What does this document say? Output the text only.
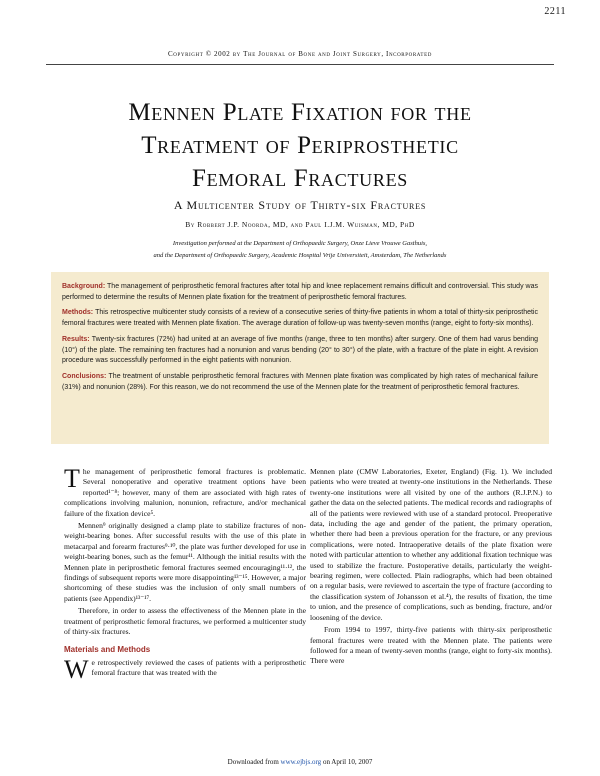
2211
Copyright © 2002 by The Journal of Bone and Joint Surgery, Incorporated
Mennen Plate Fixation for the
Treatment of Periprosthetic
Femoral Fractures
A Multicenter Study of Thirty-six Fractures
By Robbert J.P. Noorda, MD, and Paul I.J.M. Wuisman, MD, PhD
Investigation performed at the Department of Orthopaedic Surgery, Onze Lieve Vrouwe Gasthuis,
and the Department of Orthopaedic Surgery, Academic Hospital Vrije Universiteit, Amsterdam, The Netherlands

Background: The management of periprosthetic femoral fractures after total hip and knee replacement remains difficult and controversial. This study was performed to determine the results of Mennen plate fixation for the treatment of periprosthetic femoral fractures.

Methods: This retrospective multicenter study consists of a review of a consecutive series of thirty-five patients in whom a total of thirty-six periprosthetic femoral fractures were treated with Mennen plate fixation. The average duration of follow-up was twenty-seven months (range, eight to forty-six months).

Results: Twenty-six fractures (72%) had united at an average of five months (range, three to ten months) after surgery. One of them had varus bending (10°) of the plate. The remaining ten fractures had a nonunion and varus bending (20° to 30°) of the plate, with a fracture of the plate in eight. A revision procedure was successfully performed in the eight patients with nonunion.

Conclusions: The treatment of unstable periprosthetic femoral fractures with Mennen plate fixation was complicated by high rates of mechanical failure (31%) and nonunion (28%). For this reason, we do not recommend the use of the Mennen plate for the treatment of periprosthetic femoral fractures.

The management of periprosthetic femoral fractures is problematic. Several nonoperative and operative treatment options have been reported¹⁻⁸; however, many of them are associated with high rates of complications involving malunion, nonunion, refracture, and/or mechanical failure of the fixation device⁵.

Mennen⁹ originally designed a clamp plate to stabilize fractures of non-weight-bearing bones. After successful results with the use of this plate in metacarpal and forearm fractures⁹·¹⁰, the plate was further developed for use in weight-bearing bones, such as the femur¹¹. Although the initial results with the Mennen plate in periprosthetic femoral fractures seemed encouraging¹¹·¹², the findings of subsequent reports were more disappointing¹³⁻¹⁵. However, a major shortcoming of these studies was the inclusion of only small numbers of patients (see Appendix)¹³⁻¹⁷.

Therefore, in order to assess the effectiveness of the Mennen plate in the treatment of periprosthetic femoral fractures, we performed a multicenter study of thirty-six fractures.

Materials and Methods

We retrospectively reviewed the cases of patients with a periprosthetic femoral fracture that was treated with the

Mennen plate (CMW Laboratories, Exeter, England) (Fig. 1). We included patients who were treated at twenty-one institutions in the Netherlands. These twenty-one institutions were all visited by one of the authors (R.J.P.N.) to gather the data on the selected patients. The medical records and radiographs of all of the patients were reviewed with use of a standard protocol. Preoperative data, including the age and gender of the patient, the primary operation, whether there had been a previous operation for the fracture, or any previous complications, were noted. Intraoperative details of the plate fixation were noted with particular attention to whether any additional fixation technique was used to stabilize the fracture. Postoperative details, particularly the weight-bearing regimen, were collected. Plain radiographs, which had been obtained on a regular basis, were reviewed to ascertain the type of fracture (according to the classification system of Johansson et al.⁴), the results of fixation, the time to union, and the presence of complications, such as bending, fracture, and/or loosening of the device.

From 1994 to 1997, thirty-five patients with thirty-six periprosthetic femoral fractures were treated with the Mennen plate. The patients were followed for a mean of twenty-seven months (range, eight to forty-six months). There were

Downloaded from www.ejbjs.org on April 10, 2007
